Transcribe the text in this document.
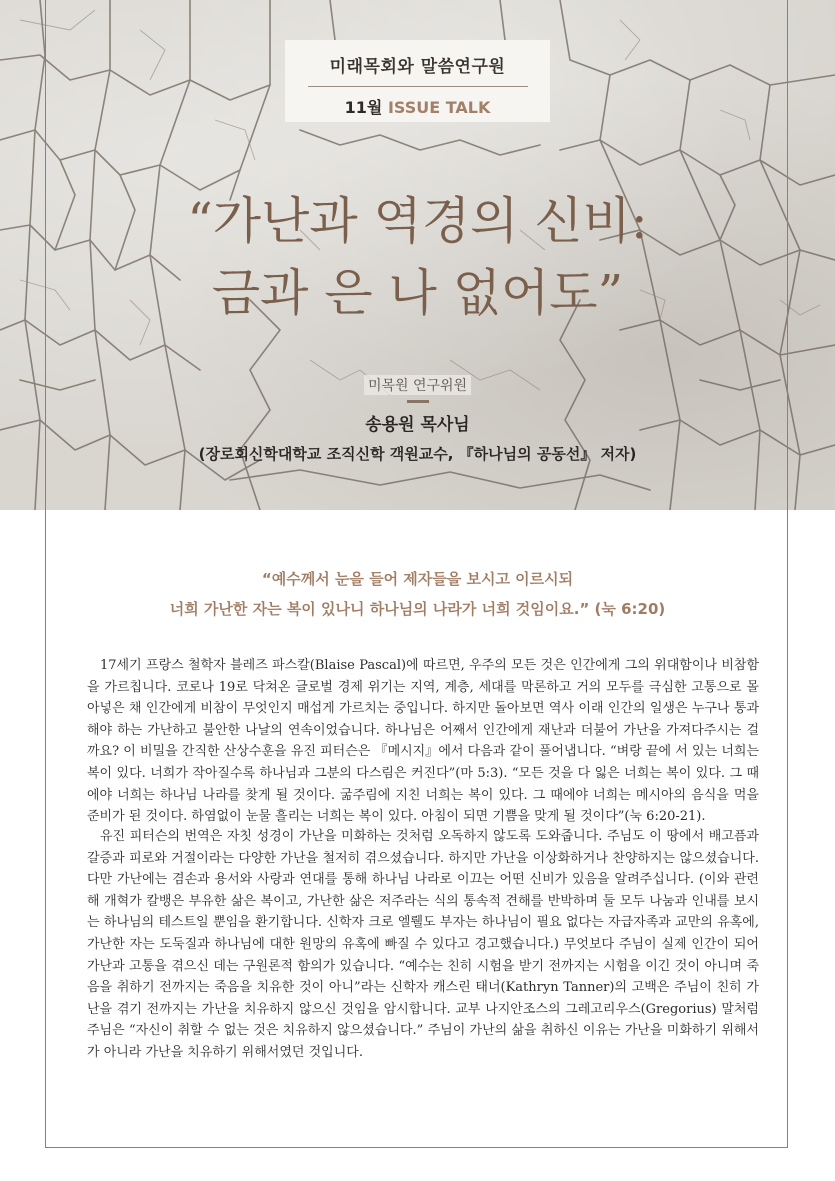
미래목회와 말씀연구원
11월 ISSUE TALK
“가난과 역경의 신비:
금과 은 나 없어도”
미목원 연구위원
송용원 목사님
(장로회신학대학교 조직신학 객원교수, 『하나님의 공동선』 저자)
“예수께서 눈을 들어 제자들을 보시고 이르시되
너희 가난한 자는 복이 있나니 하나님의 나라가 너희 것임이요.” (눅 6:20)

17세기 프랑스 철학자 블레즈 파스칼(Blaise Pascal)에 따르면, 우주의 모든 것은 인간에게 그의 위대함이나 비참함을 가르칩니다. 코로나 19로 닥쳐온 글로벌 경제 위기는 지역, 계층, 세대를 막론하고 거의 모두를 극심한 고통으로 몰아넣은 채 인간에게 비참이 무엇인지 매섭게 가르치는 중입니다. 하지만 돌아보면 역사 이래 인간의 일생은 누구나 통과해야 하는 가난하고 불안한 나날의 연속이었습니다. 하나님은 어째서 인간에게 재난과 더불어 가난을 가져다주시는 걸까요? 이 비밀을 간직한 산상수훈을 유진 피터슨은 『메시지』에서 다음과 같이 풀어냅니다. “벼랑 끝에 서 있는 너희는 복이 있다. 너희가 작아질수록 하나님과 그분의 다스림은 커진다”(마 5:3). “모든 것을 다 잃은 너희는 복이 있다. 그 때에야 너희는 하나님 나라를 찾게 될 것이다. 굶주림에 지친 너희는 복이 있다. 그 때에야 너희는 메시아의 음식을 먹을 준비가 된 것이다. 하염없이 눈물 흘리는 너희는 복이 있다. 아침이 되면 기쁨을 맞게 될 것이다”(눅 6:20-21).

유진 피터슨의 번역은 자칫 성경이 가난을 미화하는 것처럼 오독하지 않도록 도와줍니다. 주님도 이 땅에서 배고픔과 갈증과 피로와 거절이라는 다양한 가난을 철저히 겪으셨습니다. 하지만 가난을 이상화하거나 찬양하지는 않으셨습니다. 다만 가난에는 겸손과 용서와 사랑과 연대를 통해 하나님 나라로 이끄는 어떤 신비가 있음을 알려주십니다. (이와 관련해 개혁가 칼뱅은 부유한 삶은 복이고, 가난한 삶은 저주라는 식의 통속적 견해를 반박하며 둘 모두 나눔과 인내를 보시는 하나님의 테스트일 뿐임을 환기합니다. 신학자 크로 엘뤨도 부자는 하나님이 필요 없다는 자급자족과 교만의 유혹에, 가난한 자는 도둑질과 하나님에 대한 원망의 유혹에 빠질 수 있다고 경고했습니다.) 무엇보다 주님이 실제 인간이 되어 가난과 고통을 겪으신 데는 구원론적 함의가 있습니다. “예수는 친히 시험을 받기 전까지는 시험을 이긴 것이 아니며 죽음을 취하기 전까지는 죽음을 치유한 것이 아니”라는 신학자 캐스린 태너(Kathryn Tanner)의 고백은 주님이 친히 가난을 겪기 전까지는 가난을 치유하지 않으신 것임을 암시합니다. 교부 나지안조스의 그레고리우스(Gregorius) 말처럼 주님은 “자신이 취할 수 없는 것은 치유하지 않으셨습니다.” 주님이 가난의 삶을 취하신 이유는 가난을 미화하기 위해서가 아니라 가난을 치유하기 위해서였던 것입니다.
